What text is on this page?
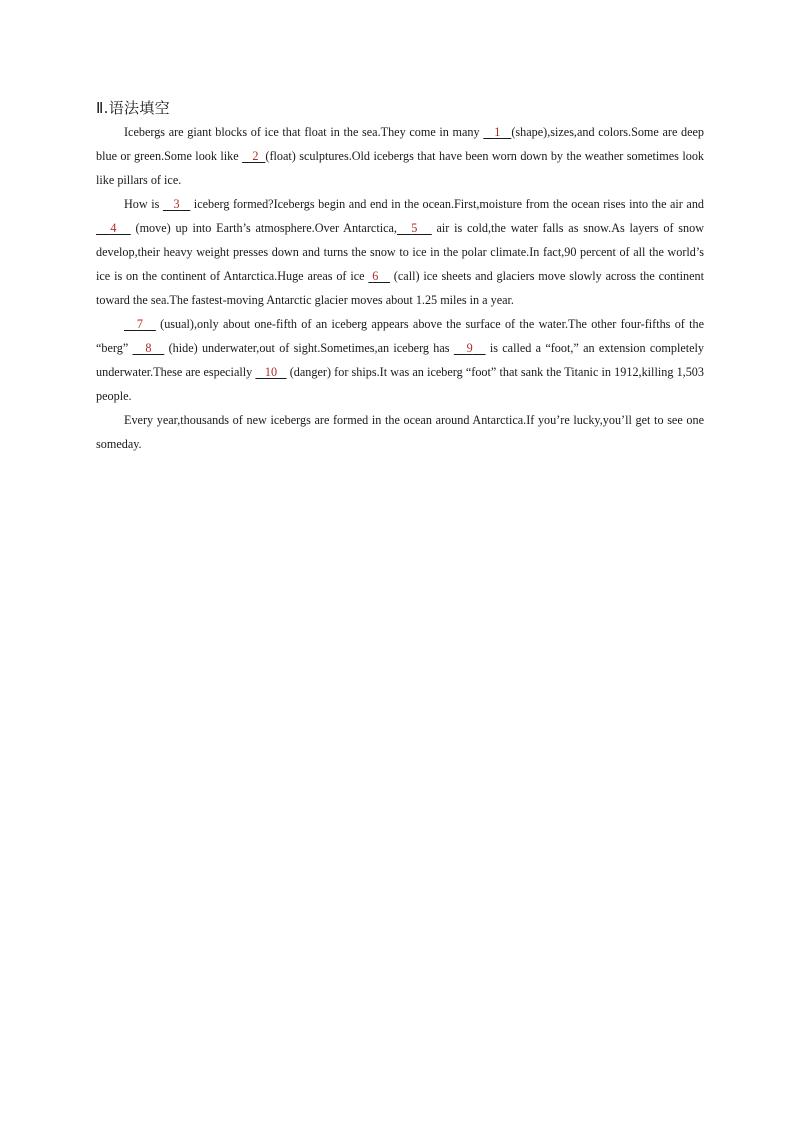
Ⅱ.语法填空

Icebergs are giant blocks of ice that float in the sea.They come in many    1 (shape),sizes,and colors.Some are deep blue or green.Some look like    2 (float) sculptures.Old icebergs that have been worn down by the weather sometimes look like pillars of ice.

How is    3    iceberg formed?Icebergs begin and end in the ocean.First,moisture from the ocean rises into the air and    4    (move) up into Earth’s atmosphere.Over Antarctica, 5    air is cold,the water falls as snow.As layers of snow develop,their heavy weight presses down and turns the snow to ice in the polar climate.In fact,90 percent of all the world’s ice is on the continent of Antarctica.Huge areas of ice  6    (call) ice sheets and glaciers move slowly across the continent toward the sea.The fastest-moving Antarctic glacier moves about 1.25 miles in a year.

7    (usual),only about one-fifth of an iceberg appears above the surface of the water.The other four-fifths of the “berg”    8    (hide) underwater,out of sight.Sometimes,an iceberg has    9    is called a “foot,” an extension completely underwater.These are especially    10    (danger) for ships.It was an iceberg “foot” that sank the Titanic in 1912,killing 1,503 people.

Every year,thousands of new icebergs are formed in the ocean around Antarctica.If you’re lucky,you’ll get to see one someday.
